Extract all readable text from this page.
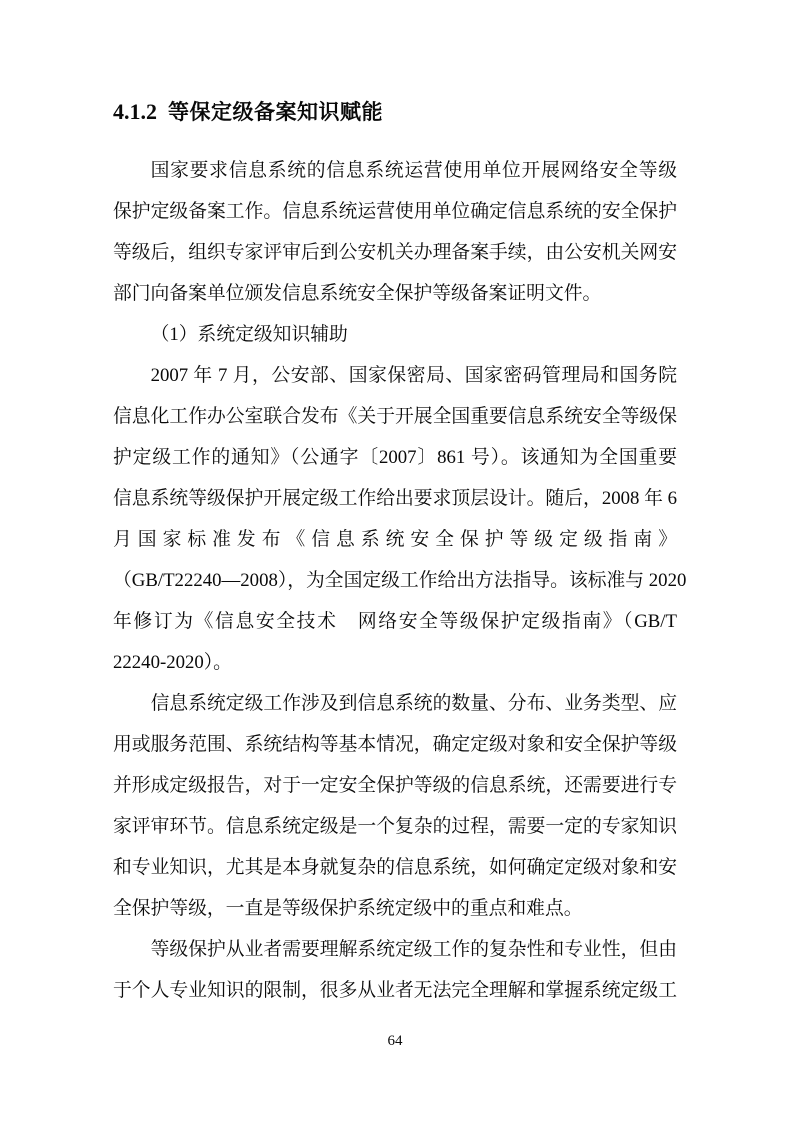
4.1.2 等保定级备案知识赋能
国家要求信息系统的信息系统运营使用单位开展网络安全等级
保护定级备案工作。信息系统运营使用单位确定信息系统的安全保护
等级后，组织专家评审后到公安机关办理备案手续，由公安机关网安
部门向备案单位颁发信息系统安全保护等级备案证明文件。
（1）系统定级知识辅助
2007 年 7 月，公安部、国家保密局、国家密码管理局和国务院
信息化工作办公室联合发布《关于开展全国重要信息系统安全等级保
护定级工作的通知》（公通字〔2007〕861 号）。该通知为全国重要
信息系统等级保护开展定级工作给出要求顶层设计。随后，2008 年 6
月国家标准发布《信息系统安全保护等级定级指南》
（GB/T22240—2008），为全国定级工作给出方法指导。该标准与 2020
年修订为《信息安全技术　网络安全等级保护定级指南》（GB/T
22240-2020）。
信息系统定级工作涉及到信息系统的数量、分布、业务类型、应
用或服务范围、系统结构等基本情况，确定定级对象和安全保护等级
并形成定级报告，对于一定安全保护等级的信息系统，还需要进行专
家评审环节。信息系统定级是一个复杂的过程，需要一定的专家知识
和专业知识，尤其是本身就复杂的信息系统，如何确定定级对象和安
全保护等级，一直是等级保护系统定级中的重点和难点。
等级保护从业者需要理解系统定级工作的复杂性和专业性，但由
于个人专业知识的限制，很多从业者无法完全理解和掌握系统定级工
64
